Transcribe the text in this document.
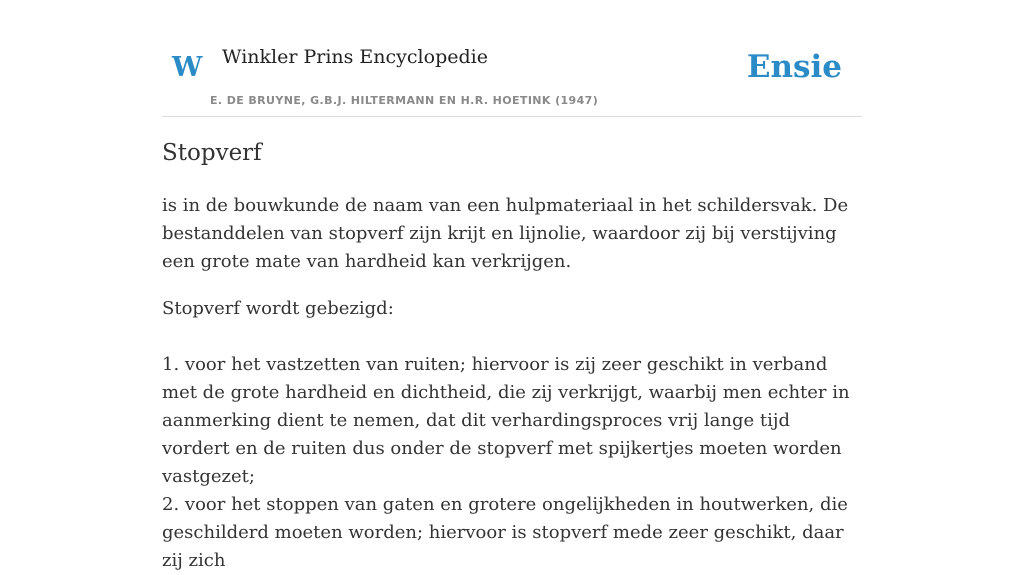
W Winkler Prins Encyclopedie
E. DE BRUYNE, G.B.J. HILTERMANN EN H.R. HOETINK (1947)
Ensie
Stopverf

is in de bouwkunde de naam van een hulpmateriaal in het schildersvak. De bestanddelen van stopverf zijn krijt en lijnolie, waardoor zij bij verstijving een grote mate van hardheid kan verkrijgen.

Stopverf wordt gebezigd:

1. voor het vastzetten van ruiten; hiervoor is zij zeer geschikt in verband met de grote hardheid en dichtheid, die zij verkrijgt, waarbij men echter in aanmerking dient te nemen, dat dit verhardingsproces vrij lange tijd vordert en de ruiten dus onder de stopverf met spijkertjes moeten worden vastgezet;

2. voor het stoppen van gaten en grotere ongelijkheden in houtwerken, die geschilderd moeten worden; hiervoor is stopverf mede zeer geschikt, daar zij zich
